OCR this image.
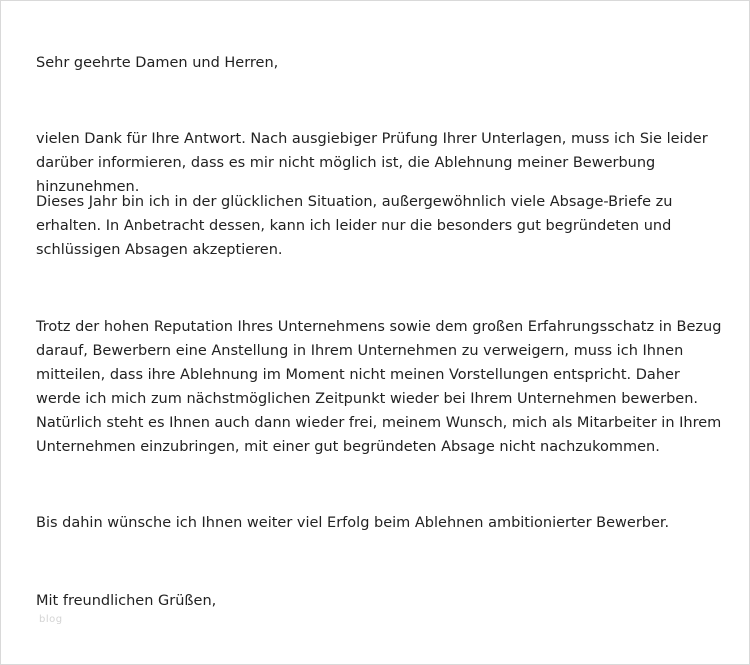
Sehr geehrte Damen und Herren,

vielen Dank für Ihre Antwort. Nach ausgiebiger Prüfung Ihrer Unterlagen, muss ich Sie leider darüber informieren, dass es mir nicht möglich ist, die Ablehnung meiner Bewerbung hinzunehmen.

Dieses Jahr bin ich in der glücklichen Situation, außergewöhnlich viele Absage-Briefe zu erhalten. In Anbetracht dessen, kann ich leider nur die besonders gut begründeten und schlüssigen Absagen akzeptieren.

Trotz der hohen Reputation Ihres Unternehmens sowie dem großen Erfahrungsschatz in Bezug darauf, Bewerbern eine Anstellung in Ihrem Unternehmen zu verweigern, muss ich Ihnen mitteilen, dass ihre Ablehnung im Moment nicht meinen Vorstellungen entspricht. Daher werde ich mich zum nächstmöglichen Zeitpunkt wieder bei Ihrem Unternehmen bewerben. Natürlich steht es Ihnen auch dann wieder frei, meinem Wunsch, mich als Mitarbeiter in Ihrem Unternehmen einzubringen, mit einer gut begründeten Absage nicht nachzukommen.

Bis dahin wünsche ich Ihnen weiter viel Erfolg beim Ablehnen ambitionierter Bewerber.

Mit freundlichen Grüßen,

blog
